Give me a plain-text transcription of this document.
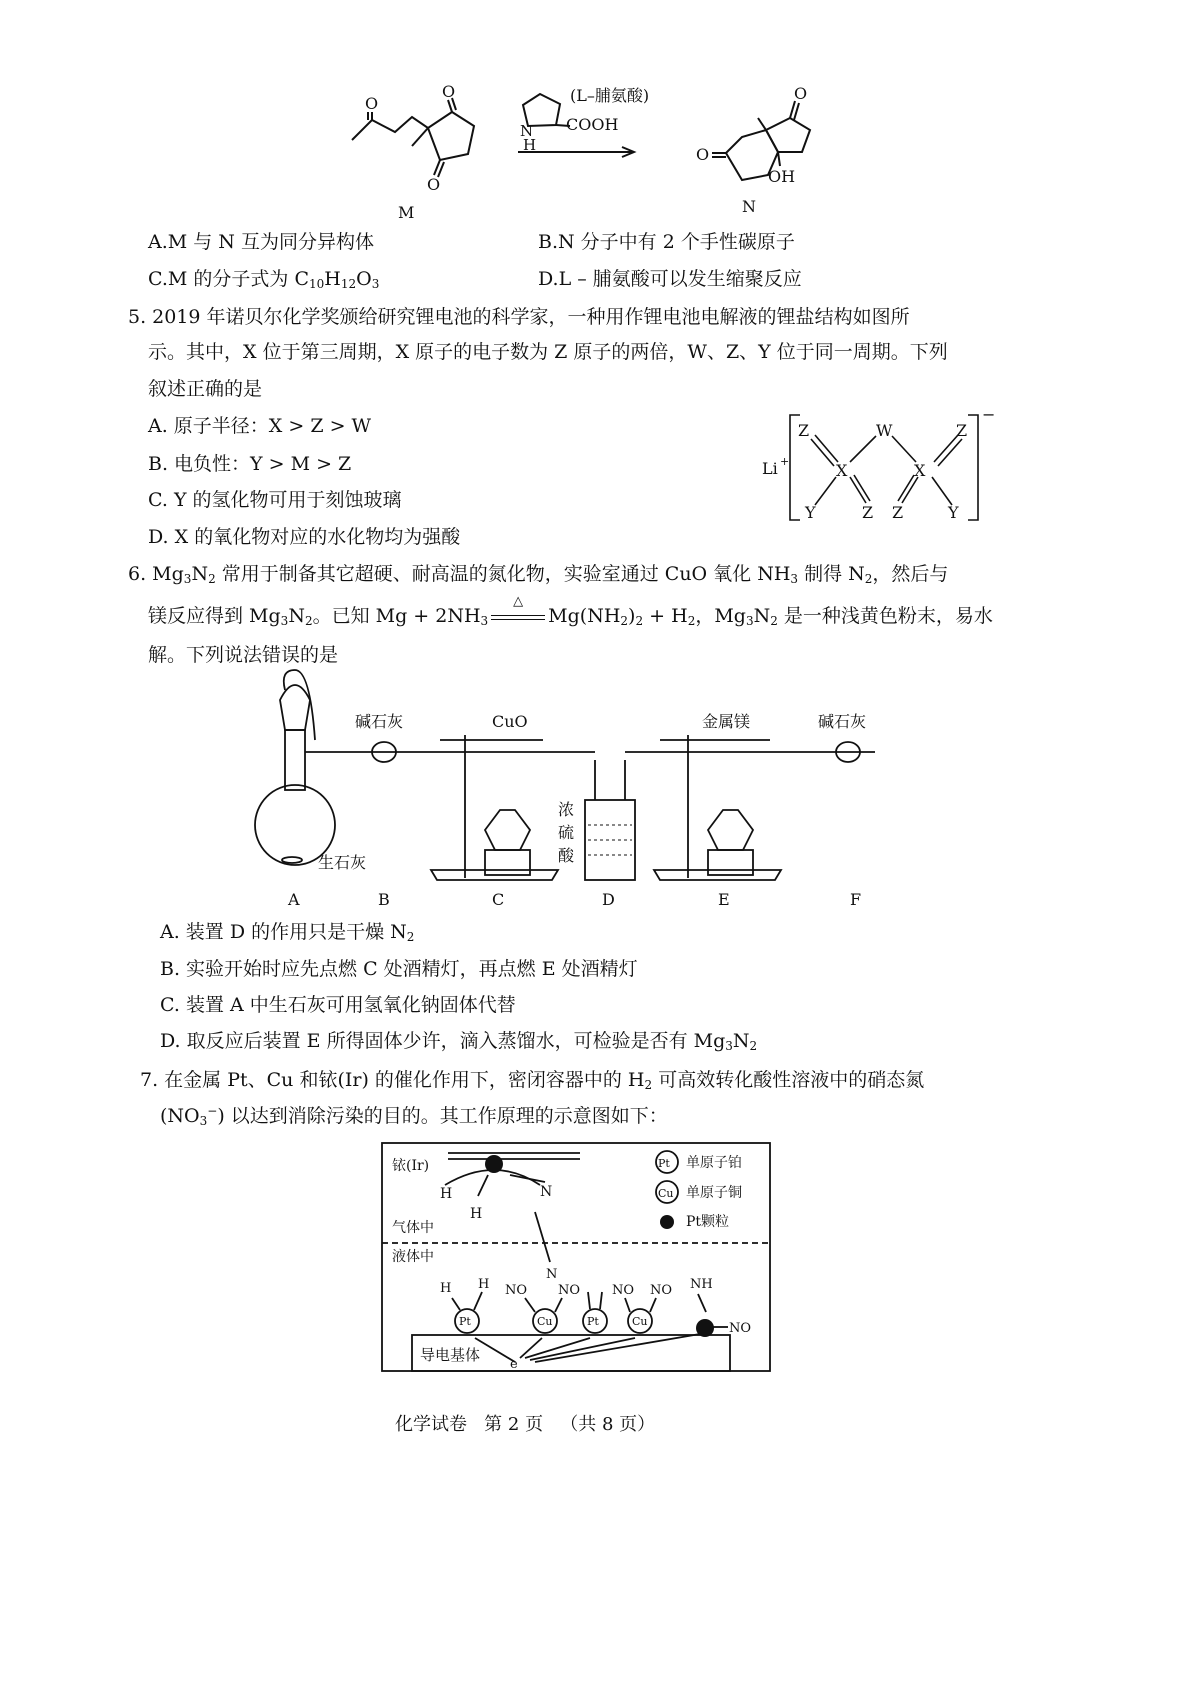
O
O
O
M
(L–脯氨酸)
N
H
COOH
O
O
OH
N
A.M 与 N 互为同分异构体	B.N 分子中有 2 个手性碳原子
C.M 的分子式为 $C_{10}H_{12}O_3$	D.L – 脯氨酸可以发生缩聚反应
5. 2019 年诺贝尔化学奖颁给研究锂电池的科学家，一种用作锂电池电解液的锂盐结构如图所
示。其中，X 位于第三周期，X 原子的电子数为 Z 原子的两倍，W、Z、Y 位于同一周期。下列
叙述正确的是
A. 原子半径：X > Z > W
B. 电负性：Y > M > Z
C. Y 的氢化物可用于刻蚀玻璃
D. X 的氧化物对应的水化物均为强酸
Li +
−
Z	W	Z
X	X
Y	Z Z	Y
6. $Mg_3N_2$ 常用于制备其它超硬、耐高温的氮化物，实验室通过 CuO 氧化 $NH_3$ 制得 $N_2$，然后与
镁反应得到 $Mg_3N_2$。已知 $Mg + 2NH_3$
△
$Mg(NH_2)_2 + H_2$，$Mg_3N_2$ 是一种浅黄色粉末，易水
解。下列说法错误的是
碱石灰	CuO	金属镁	碱石灰
生石灰
浓
硫
酸
A	B	C	D	E	F
A. 装置 D 的作用只是干燥 $N_2$
B. 实验开始时应先点燃 C 处酒精灯，再点燃 E 处酒精灯
C. 装置 A 中生石灰可用氢氧化钠固体代替
D. 取反应后装置 E 所得固体少许，滴入蒸馏水，可检验是否有 $Mg_3N_2$
7. 在金属 Pt、Cu 和铱(Ir) 的催化作用下，密闭容器中的 $H_2$ 可高效转化酸性溶液中的硝态氮
$(NO_3^-)$ 以达到消除污染的目的。其工作原理的示意图如下：
铱(Ir)
H
H
N
气体中
液体中
Pt
Cu
单原子铂
单原子铜
Pt颗粒
N
H H NO NO NO NO NH
NO
Pt	Cu	Pt	Cu
导电基体
e
化学试卷 第 2 页 （共 8 页）
